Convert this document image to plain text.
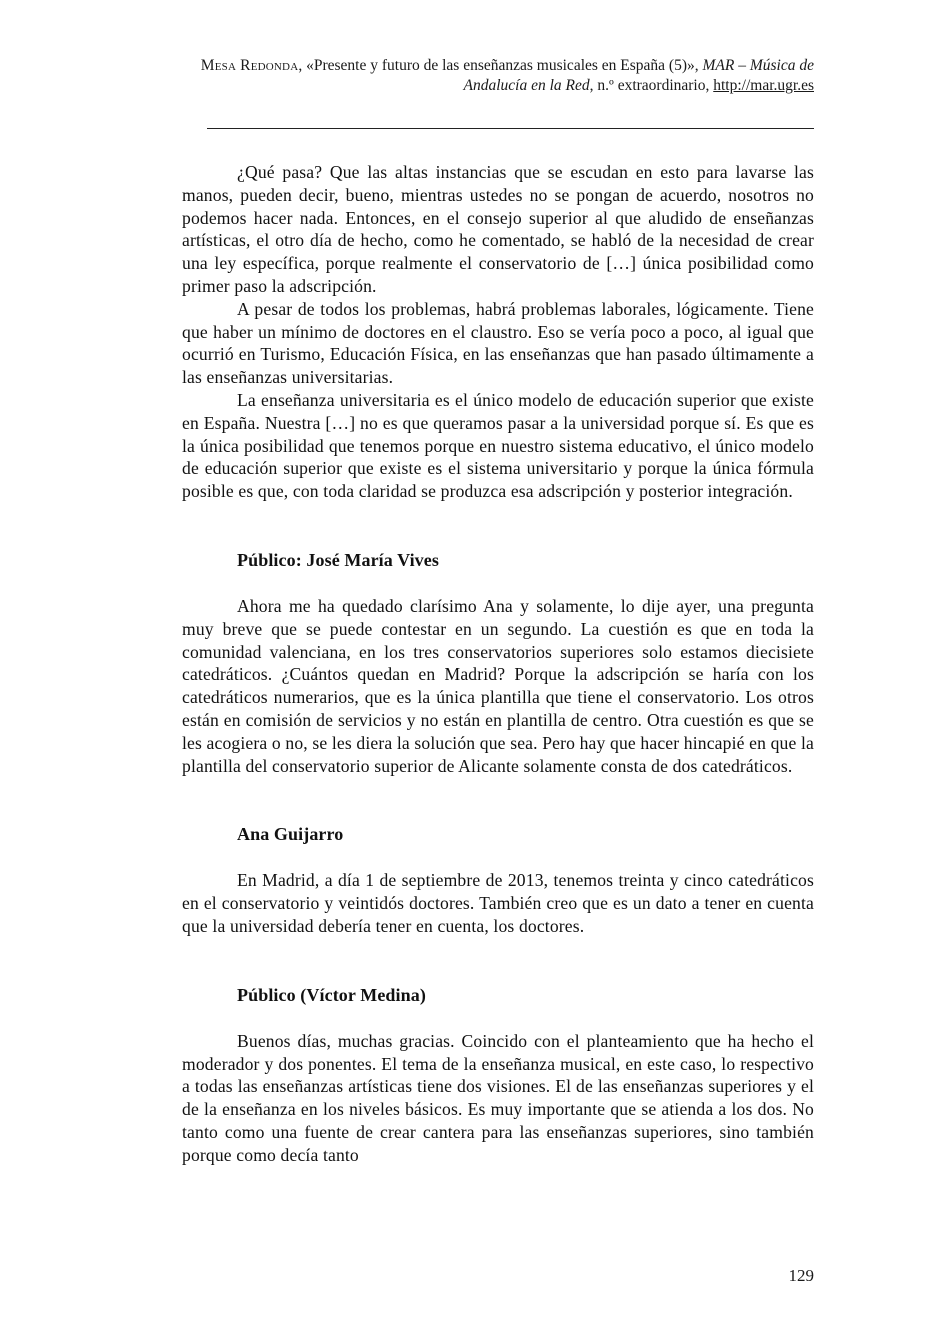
Mesa Redonda, «Presente y futuro de las enseñanzas musicales en España (5)», MAR – Música de Andalucía en la Red, n.º extraordinario, http://mar.ugr.es

¿Qué pasa? Que las altas instancias que se escudan en esto para lavarse las manos, pueden decir, bueno, mientras ustedes no se pongan de acuerdo, nosotros no podemos hacer nada. Entonces, en el consejo superior al que aludido de enseñanzas artísticas, el otro día de hecho, como he comentado, se habló de la necesidad de crear una ley específica, porque realmente el conservatorio de […] única posibilidad como primer paso la adscripción.

A pesar de todos los problemas, habrá problemas laborales, lógicamente. Tiene que haber un mínimo de doctores en el claustro. Eso se vería poco a poco, al igual que ocurrió en Turismo, Educación Física, en las enseñanzas que han pasado últimamente a las enseñanzas universitarias.

La enseñanza universitaria es el único modelo de educación superior que existe en España. Nuestra […] no es que queramos pasar a la universidad porque sí. Es que es la única posibilidad que tenemos porque en nuestro sistema educativo, el único modelo de educación superior que existe es el sistema universitario y porque la única fórmula posible es que, con toda claridad se produzca esa adscripción y posterior integración.

Público: José María Vives

Ahora me ha quedado clarísimo Ana y solamente, lo dije ayer, una pregunta muy breve que se puede contestar en un segundo. La cuestión es que en toda la comunidad valenciana, en los tres conservatorios superiores solo estamos diecisiete catedráticos. ¿Cuántos quedan en Madrid? Porque la adscripción se haría con los catedráticos numerarios, que es la única plantilla que tiene el conservatorio. Los otros están en comisión de servicios y no están en plantilla de centro. Otra cuestión es que se les acogiera o no, se les diera la solución que sea. Pero hay que hacer hincapié en que la plantilla del conservatorio superior de Alicante solamente consta de dos catedráticos.

Ana Guijarro

En Madrid, a día 1 de septiembre de 2013, tenemos treinta y cinco catedráticos en el conservatorio y veintidós doctores. También creo que es un dato a tener en cuenta que la universidad debería tener en cuenta, los doctores.

Público (Víctor Medina)

Buenos días, muchas gracias. Coincido con el planteamiento que ha hecho el moderador y dos ponentes. El tema de la enseñanza musical, en este caso, lo respectivo a todas las enseñanzas artísticas tiene dos visiones. El de las enseñanzas superiores y el de la enseñanza en los niveles básicos. Es muy importante que se atienda a los dos. No tanto como una fuente de crear cantera para las enseñanzas superiores, sino también porque como decía tanto

129
